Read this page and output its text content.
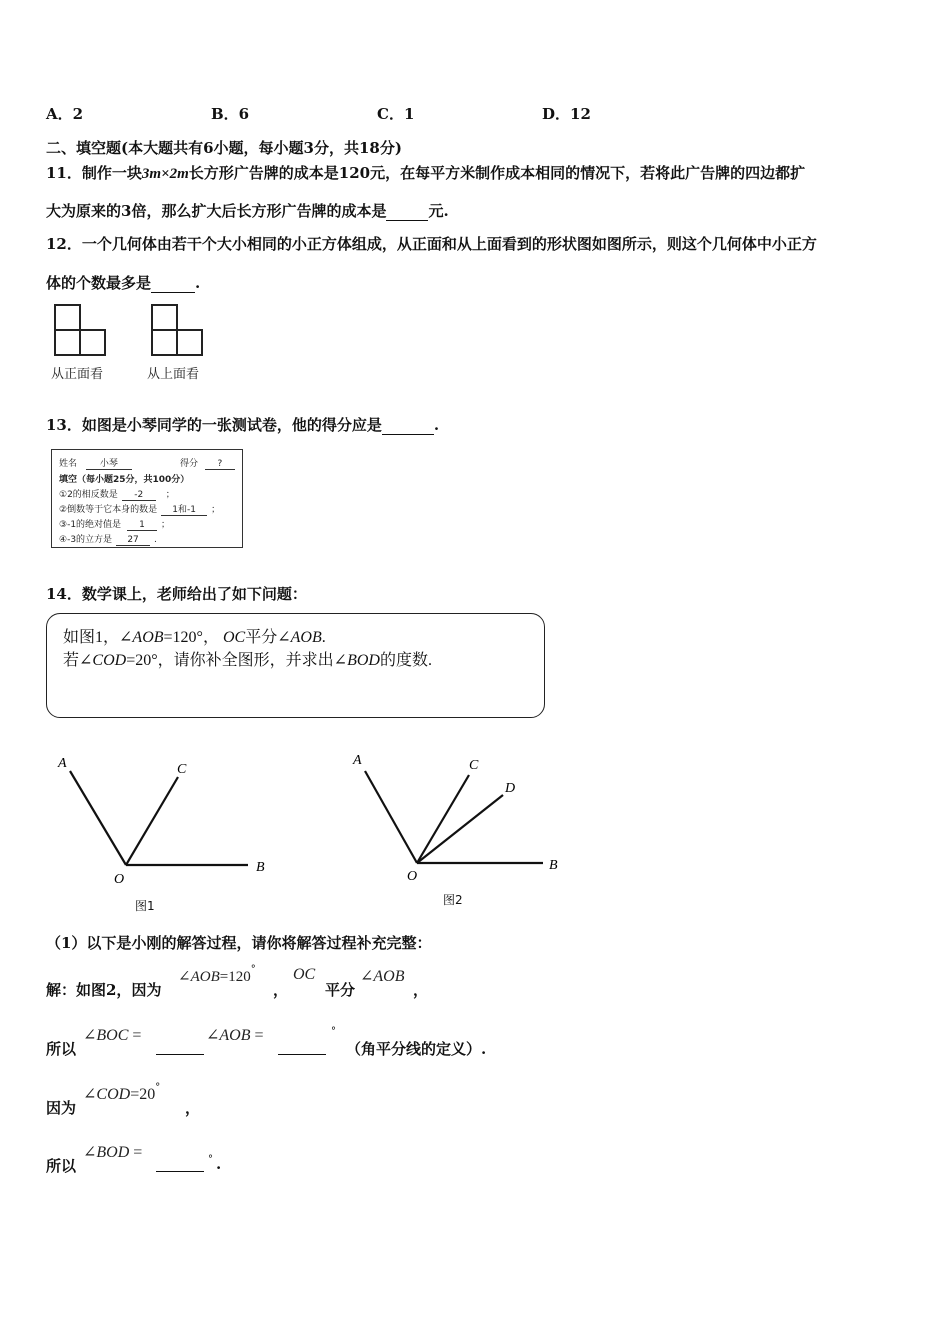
A．2	B．6	C．1	D．12
二、填空题(本大题共有6小题，每小题3分，共18分)
11．制作一块3m×2m长方形广告牌的成本是120元，在每平方米制作成本相同的情况下，若将此广告牌的四边都扩
大为原来的3倍，那么扩大后长方形广告牌的成本是	元.
12．一个几何体由若干个大小相同的小正方体组成，从正面和从上面看到的形状图如图所示，则这个几何体中小正方
体的个数最多是	.
从正面看	从上面看
13．如图是小琴同学的一张测试卷，他的得分应是	.
姓名	小琴	得分 ?
填空（每小题25分，共100分）
①2的相反数是 -2	；
②倒数等于它本身的数是 1和-1 ；
③-1的绝对值是 1 ；
④-3的立方是 27 .
14．数学课上，老师给出了如下问题：
如图1，∠AOB=120°， OC平分∠AOB.
若∠COD=20°，请你补全图形，并求出∠BOD的度数.
A	C
B
O
图1
A	C
D
B
O
图2
（1）以下是小刚的解答过程，请你将解答过程补充完整：
解：如图2，因为
∠AOB=120°
，
OC
平分
∠AOB
，
所以
∠BOC =
	∠AOB =
	°
（角平分线的定义）.
因为
∠COD=20°
，
所以
∠BOD =
	° .
